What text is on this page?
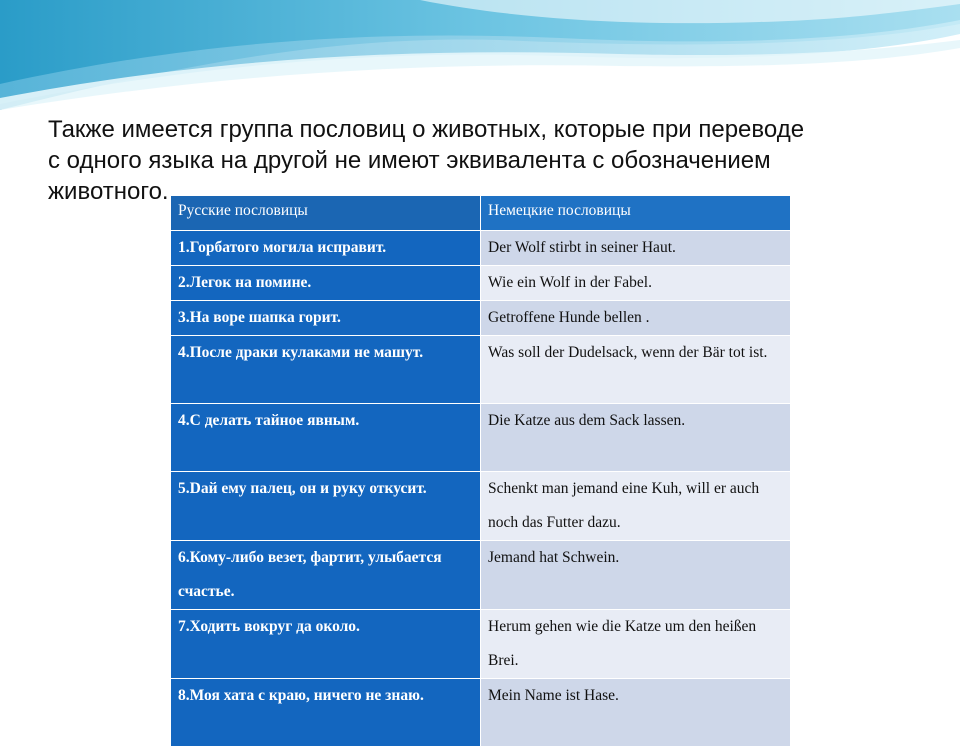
Также имеется группа пословиц о животных, которые при переводе
с одного языка на другой не имеют эквивалента с обозначением
животного.
Русские пословицы	Немецкие пословицы
1.Горбатого могила исправит.	Der Wolf stirbt in seiner Haut.
2.Легок на помине.	Wie ein Wolf in der Fabel.
3.На воре шапка горит.	Getroffene Hunde bellen .
4.После драки кулаками не машут.	Was soll der Dudelsack, wenn der Bär tot ist.
4.С делать тайное явным.	Die Katze aus dem Sack lassen.
5.Dай ему палец, он и руку откусит.	Schenkt man jemand eine Kuh, will er auch noch das Futter dazu.
6.Кому-либо везет, фартит, улыбается счастье.	Jemand hat Schwein.
7.Ходить вокруг да около.	Herum gehen wie die Katze um den heißen Brei.
8.Моя хата с краю, ничего не знаю.	Mein Name ist Hase.
